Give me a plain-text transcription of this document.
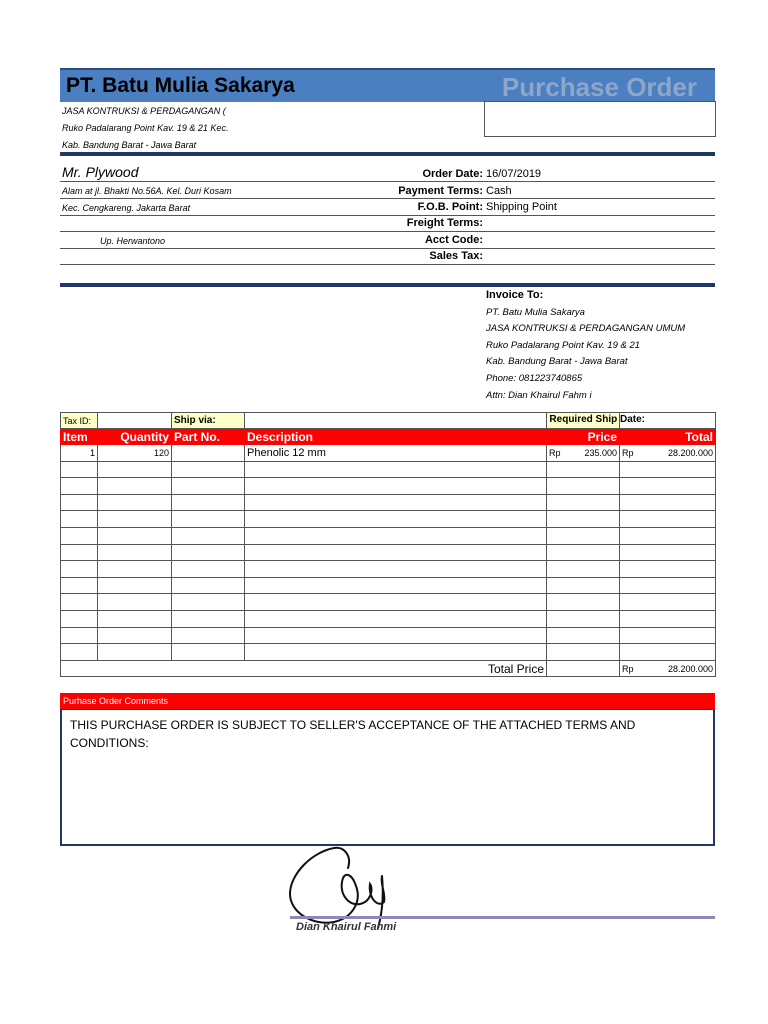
PT. Batu Mulia Sakarya	Purchase Order
JASA KONTRUKSI & PERDAGANGAN (
Ruko Padalarang Point Kav. 19 & 21 Kec.
Kab. Bandung Barat - Jawa Barat
Mr. Plywood
Alam at jl. Bhakti No.56A. Kel. Duri Kosam
Kec. Cengkareng. Jakarta Barat
Up. Herwantono
Order Date: 16/07/2019
Payment Terms: Cash
F.O.B. Point: Shipping Point
Freight Terms:
Acct Code:
Sales Tax:
Invoice To:
PT. Batu Mulia Sakarya
JASA KONTRUKSI & PERDAGANGAN UMUM
Ruko Padalarang Point Kav. 19 & 21
Kab. Bandung Barat - Jawa Barat
Phone: 081223740865
Attn: Dian Khairul Fahm i
Tax ID:		Ship via:		Required Ship Date:	

Item	Quantity	Part No.	Description	Price	Total
1	120		Phenolic 12 mm	Rp 235.000	Rp 28.200.000

	Total Price				Rp 28.200.000
Purhase Order Comments
THIS PURCHASE ORDER IS SUBJECT TO SELLER'S ACCEPTANCE OF THE ATTACHED TERMS AND CONDITIONS:
Dian Khairul Fahmi
